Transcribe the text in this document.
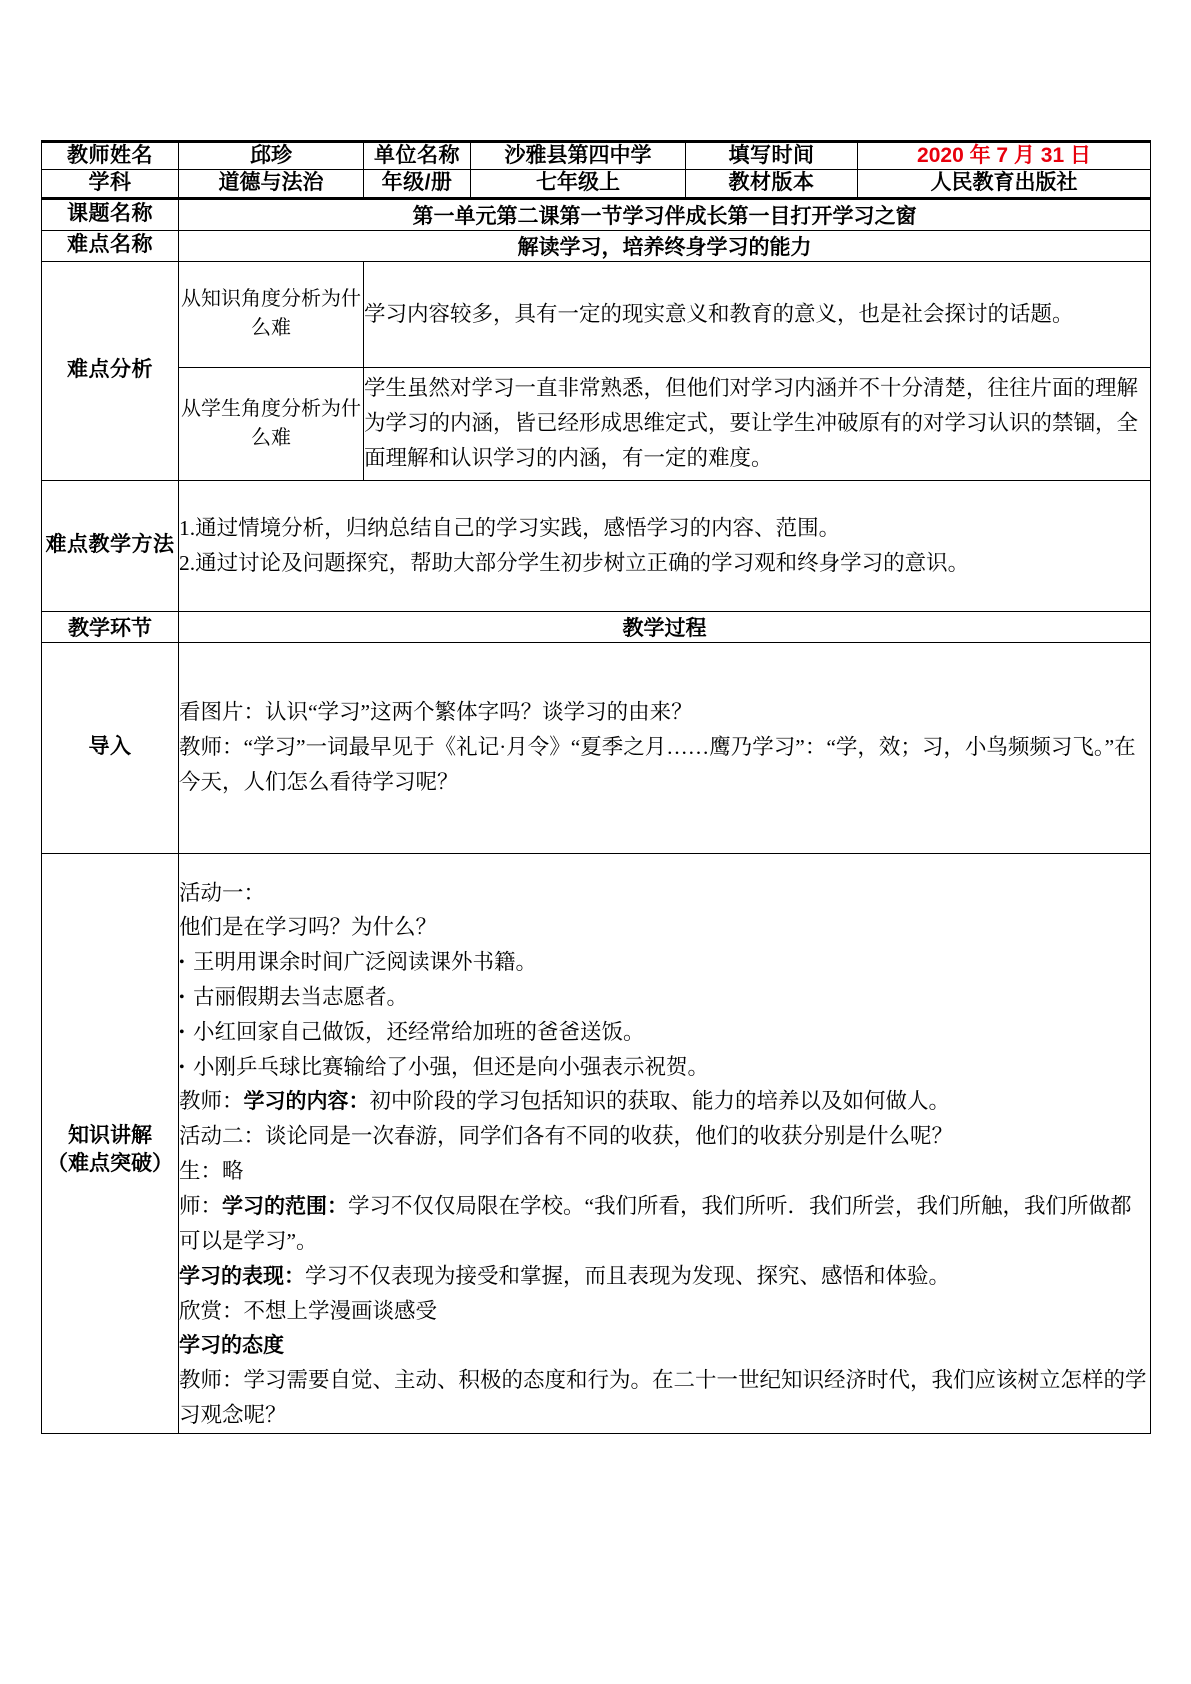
教师姓名	邱珍	单位名称	沙雅县第四中学	填写时间	2020 年 7 月 31 日
学科	道德与法治	年级/册	七年级上	教材版本	人民教育出版社
课题名称	第一单元第二课第一节学习伴成长第一目打开学习之窗				
难点名称	解读学习，培养终身学习的能力				
难点分析	从知识角度分析为什么难	学习内容较多，具有一定的现实意义和教育的意义，也是社会探讨的话题。			
	从学生角度分析为什么难	学生虽然对学习一直非常熟悉，但他们对学习内涵并不十分清楚，往往片面的理解为学习的内涵，皆已经形成思维定式，要让学生冲破原有的对学习认识的禁锢，全面理解和认识学习的内涵，有一定的难度。			
难点教学方法	1.通过情境分析，归纳总结自己的学习实践，感悟学习的内容、范围。

2.通过讨论及问题探究，帮助大部分学生初步树立正确的学习观和终身学习的意识。				

教学环节	教学过程				
导入	看图片：认识“学习”这两个繁体字吗？谈学习的由来？

教师：“学习”一词最早见于《礼记·月令》“夏季之月……鹰乃学习”：“学，效；习，小鸟频频习飞。”在今天，人们怎么看待学习呢？				

知识讲解
（难点突破）

活动一：

他们是在学习吗？为什么？

• 王明用课余时间广泛阅读课外书籍。

• 古丽假期去当志愿者。

• 小红回家自己做饭，还经常给加班的爸爸送饭。

• 小刚乒乓球比赛输给了小强，但还是向小强表示祝贺。

教师：学习的内容：初中阶段的学习包括知识的获取、能力的培养以及如何做人。

活动二：谈论同是一次春游，同学们各有不同的收获，他们的收获分别是什么呢？

生：略

师：学习的范围：学习不仅仅局限在学校。“我们所看，我们所听．我们所尝，我们所触，我们所做都可以是学习”。

学习的表现：学习不仅表现为接受和掌握，而且表现为发现、探究、感悟和体验。

欣赏：不想上学漫画谈感受

学习的态度

教师：学习需要自觉、主动、积极的态度和行为。在二十一世纪知识经济时代，我们应该树立怎样的学习观念呢？
